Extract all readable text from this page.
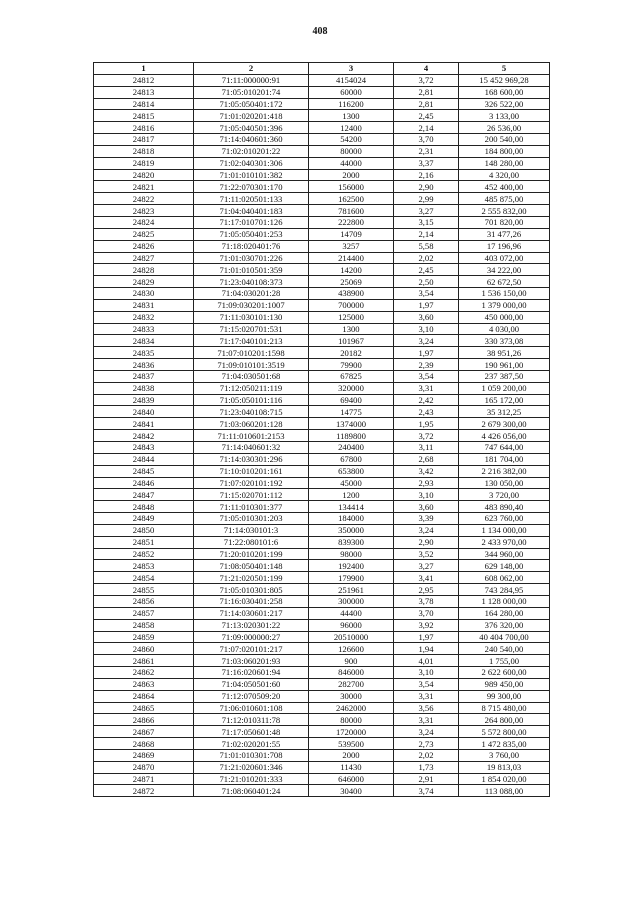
408
1	2	3	4	5
24812	71:11:000000:91	4154024	3,72	15 452 969,28
24813	71:05:010201:74	60000	2,81	168 600,00
24814	71:05:050401:172	116200	2,81	326 522,00
24815	71:01:020201:418	1300	2,45	3 133,00
24816	71:05:040501:396	12400	2,14	26 536,00
24817	71:14:040601:360	54200	3,70	200 540,00
24818	71:02:010201:22	80000	2,31	184 800,00
24819	71:02:040301:306	44000	3,37	148 280,00
24820	71:01:010101:382	2000	2,16	4 320,00
24821	71:22:070301:170	156000	2,90	452 400,00
24822	71:11:020501:133	162500	2,99	485 875,00
24823	71:04:040401:183	781600	3,27	2 555 832,00
24824	71:17:010701:126	222800	3,15	701 820,00
24825	71:05:050401:253	14709	2,14	31 477,26
24826	71:18:020401:76	3257	5,58	17 196,96
24827	71:01:030701:226	214400	2,02	403 072,00
24828	71:01:010501:359	14200	2,45	34 222,00
24829	71:23:040108:373	25069	2,50	62 672,50
24830	71:04:030201:28	438900	3,54	1 536 150,00
24831	71:09:030201:1007	700000	1,97	1 379 000,00
24832	71:11:030101:130	125000	3,60	450 000,00
24833	71:15:020701:531	1300	3,10	4 030,00
24834	71:17:040101:213	101967	3,24	330 373,08
24835	71:07:010201:1598	20182	1,97	38 951,26
24836	71:09:010101:3519	79900	2,39	190 961,00
24837	71:04:030501:68	67825	3,54	237 387,50
24838	71:12:050211:119	320000	3,31	1 059 200,00
24839	71:05:050101:116	69400	2,42	165 172,00
24840	71:23:040108:715	14775	2,43	35 312,25
24841	71:03:060201:128	1374000	1,95	2 679 300,00
24842	71:11:010601:2153	1189800	3,72	4 426 056,00
24843	71:14:040601:32	240400	3,11	747 644,00
24844	71:14:030301:296	67800	2,68	181 704,00
24845	71:10:010201:161	653800	3,42	2 216 382,00
24846	71:07:020101:192	45000	2,93	130 050,00
24847	71:15:020701:112	1200	3,10	3 720,00
24848	71:11:010301:377	134414	3,60	483 890,40
24849	71:05:010301:203	184000	3,39	623 760,00
24850	71:14:030101:3	350000	3,24	1 134 000,00
24851	71:22:080101:6	839300	2,90	2 433 970,00
24852	71:20:010201:199	98000	3,52	344 960,00
24853	71:08:050401:148	192400	3,27	629 148,00
24854	71:21:020501:199	179900	3,41	608 062,00
24855	71:05:010301:805	251961	2,95	743 284,95
24856	71:16:030401:258	300000	3,78	1 128 000,00
24857	71:14:030601:217	44400	3,70	164 280,00
24858	71:13:020301:22	96000	3,92	376 320,00
24859	71:09:000000:27	20510000	1,97	40 404 700,00
24860	71:07:020101:217	126600	1,94	240 540,00
24861	71:03:060201:93	900	4,01	1 755,00
24862	71:16:020601:94	846000	3,10	2 622 600,00
24863	71:04:050501:60	282700	3,54	989 450,00
24864	71:12:070509:20	30000	3,31	99 300,00
24865	71:06:010601:108	2462000	3,56	8 715 480,00
24866	71:12:010311:78	80000	3,31	264 800,00
24867	71:17:050601:48	1720000	3,24	5 572 800,00
24868	71:02:020201:55	539500	2,73	1 472 835,00
24869	71:01:010301:708	2000	2,02	3 760,00
24870	71:21:020601:346	11430	1,73	19 813,03
24871	71:21:010201:333	646000	2,91	1 854 020,00
24872	71:08:060401:24	30400	3,74	113 088,00
